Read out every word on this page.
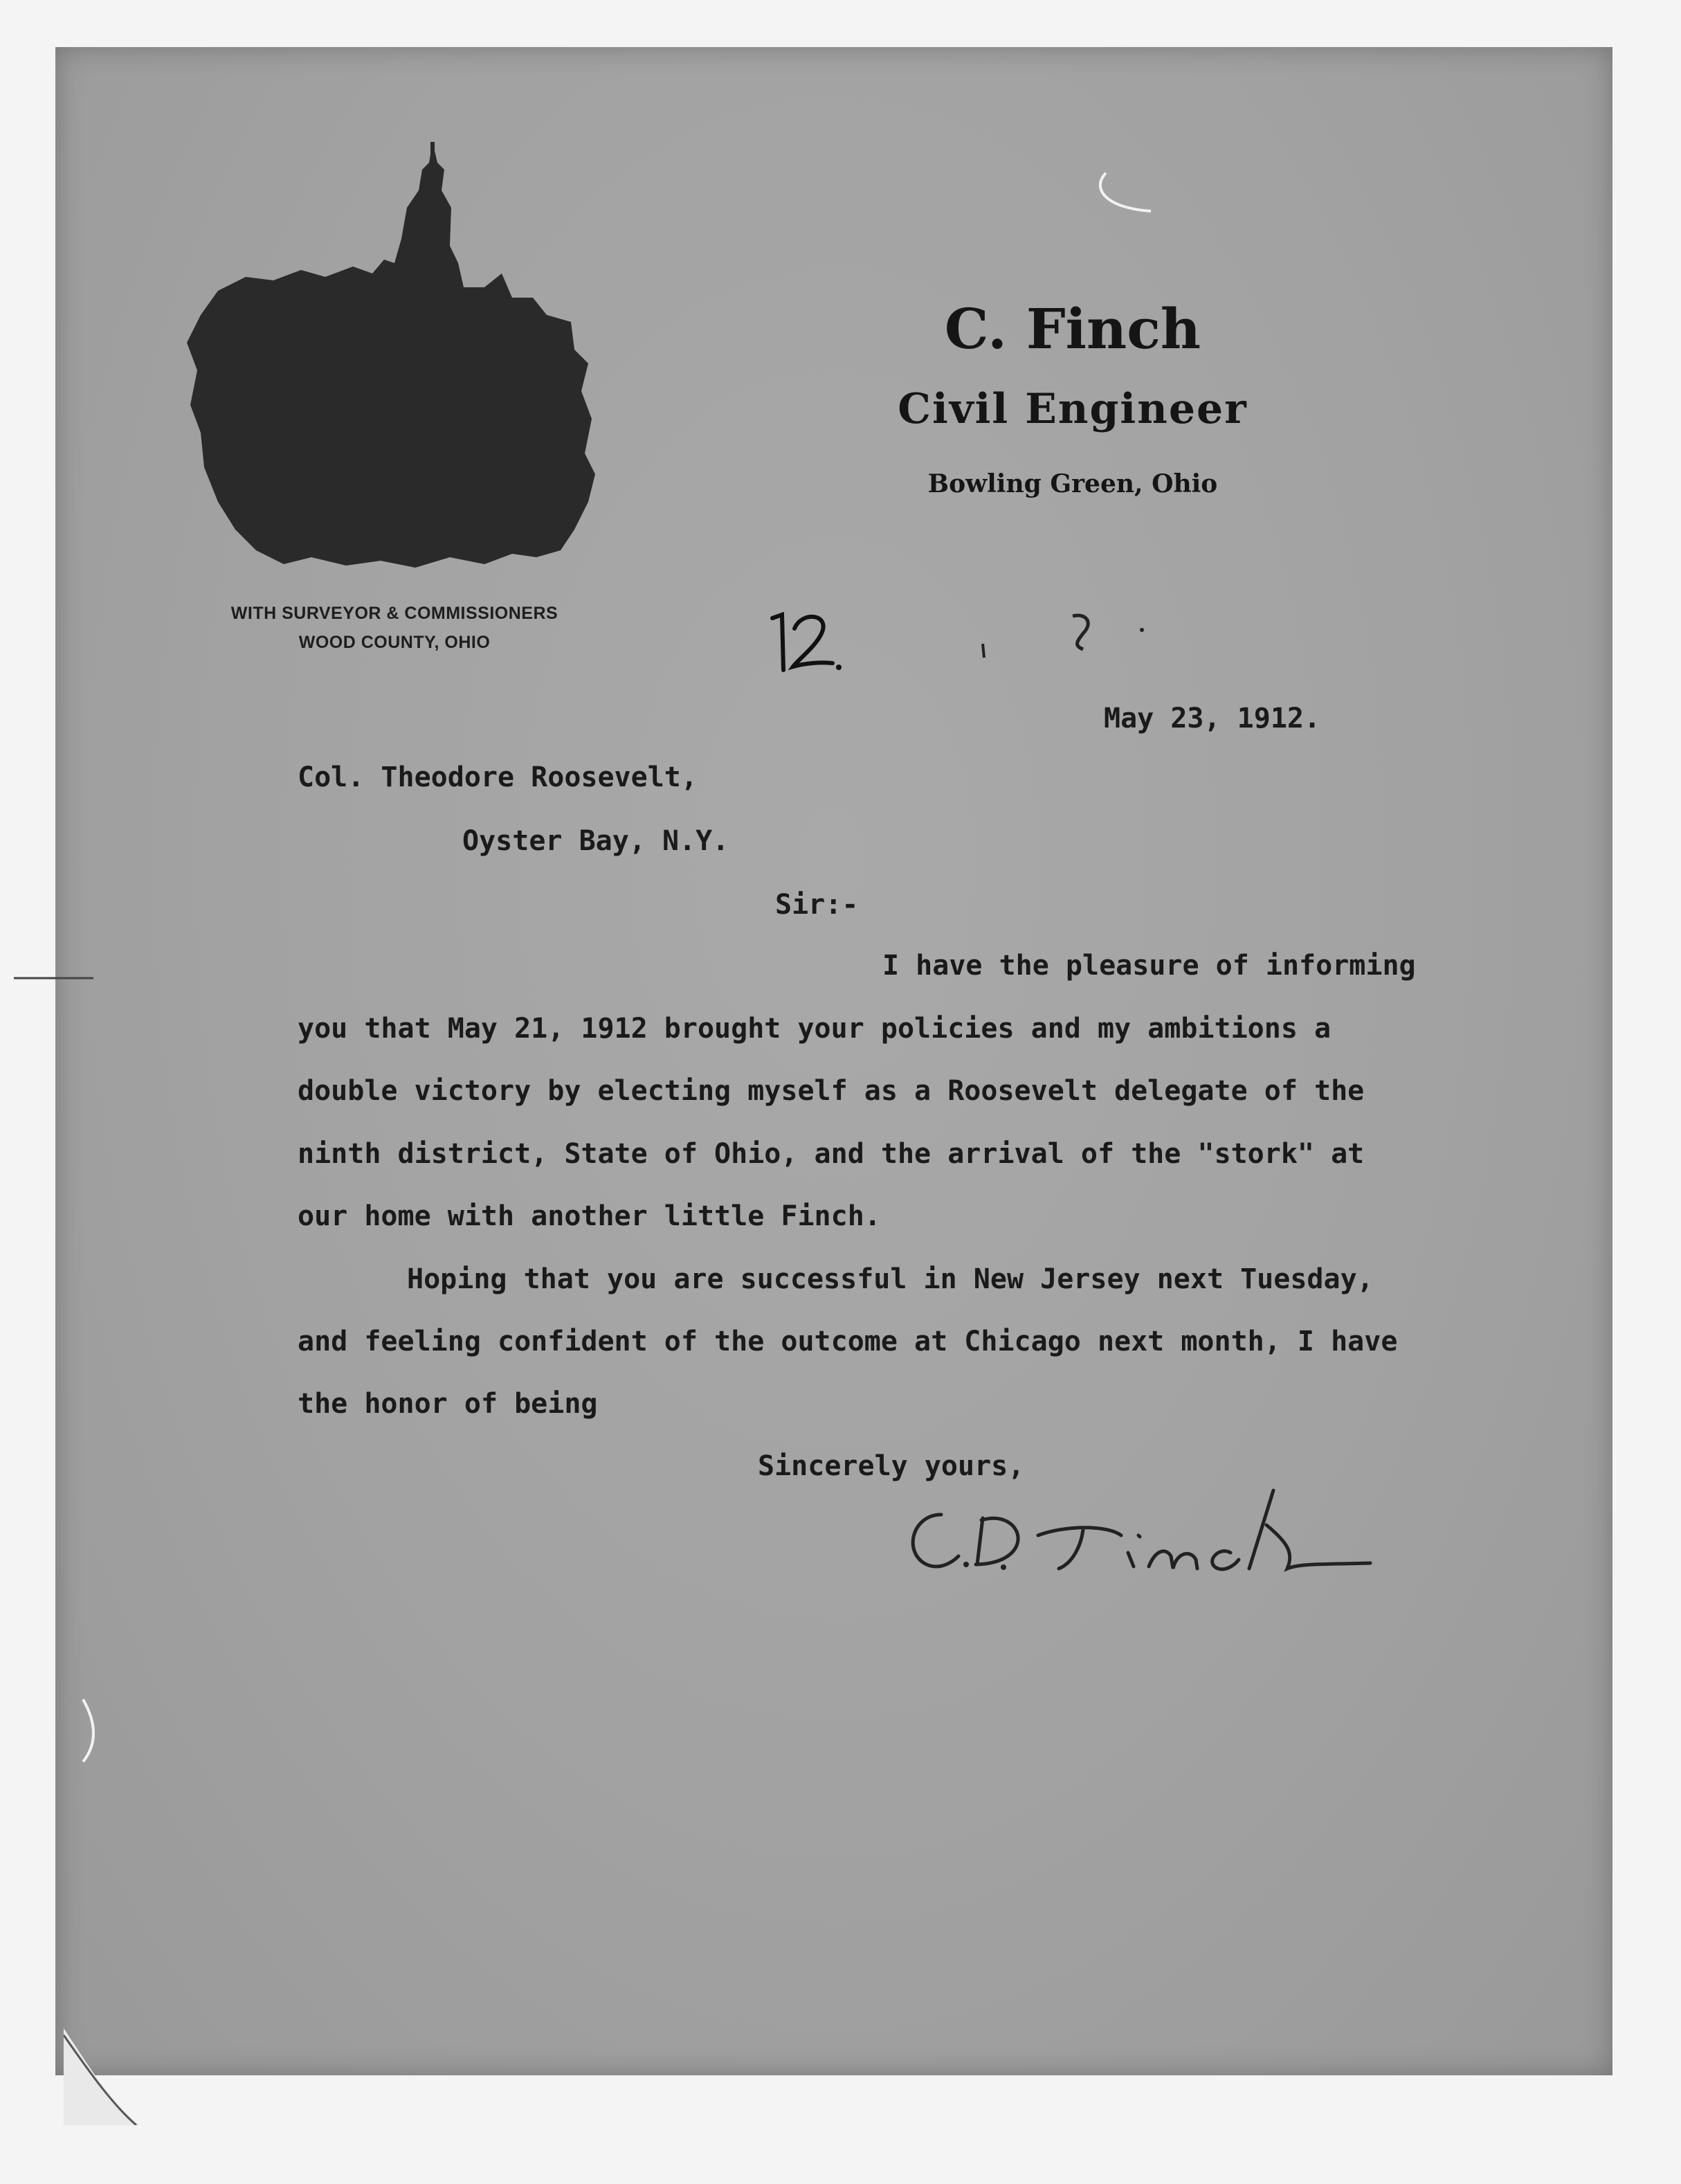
WITH SURVEYOR & COMMISSIONERS
WOOD COUNTY, OHIO
C. Finch
Civil Engineer
Bowling Green, Ohio
May 23, 1912.
Col. Theodore Roosevelt,
Oyster Bay, N.Y.
Sir:-
I have the pleasure of informing
you that May 21, 1912 brought your policies and my ambitions a
double victory by electing myself as a Roosevelt delegate of the
ninth district, State of Ohio, and the arrival of the "stork" at
our home with another little Finch.
Hoping that you are successful in New Jersey next Tuesday,
and feeling confident of the outcome at Chicago next month, I have
the honor of being
Sincerely yours,
